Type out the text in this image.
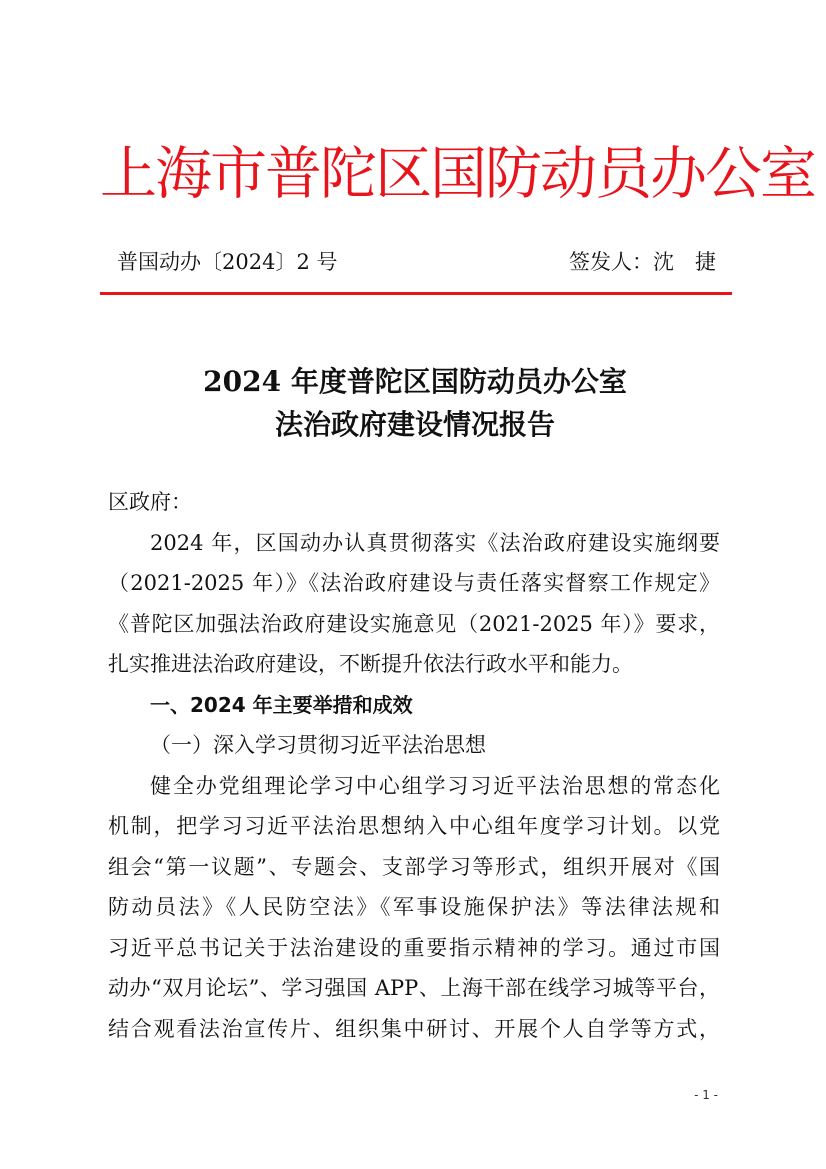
上海市普陀区国防动员办公室
普国动办〔2024〕2 号	签发人：沈　捷
2024 年度普陀区国防动员办公室
法治政府建设情况报告
区政府：
2024 年，区国动办认真贯彻落实《法治政府建设实施纲要
（2021-2025 年）》《法治政府建设与责任落实督察工作规定》
《普陀区加强法治政府建设实施意见（2021-2025 年）》要求，
扎实推进法治政府建设，不断提升依法行政水平和能力。
一、2024 年主要举措和成效
（一）深入学习贯彻习近平法治思想
健全办党组理论学习中心组学习习近平法治思想的常态化
机制，把学习习近平法治思想纳入中心组年度学习计划。以党
组会“第一议题”、专题会、支部学习等形式，组织开展对《国
防动员法》《人民防空法》《军事设施保护法》等法律法规和
习近平总书记关于法治建设的重要指示精神的学习。通过市国
动办“双月论坛”、学习强国 APP、上海干部在线学习城等平台，
结合观看法治宣传片、组织集中研讨、开展个人自学等方式，
- 1 -
